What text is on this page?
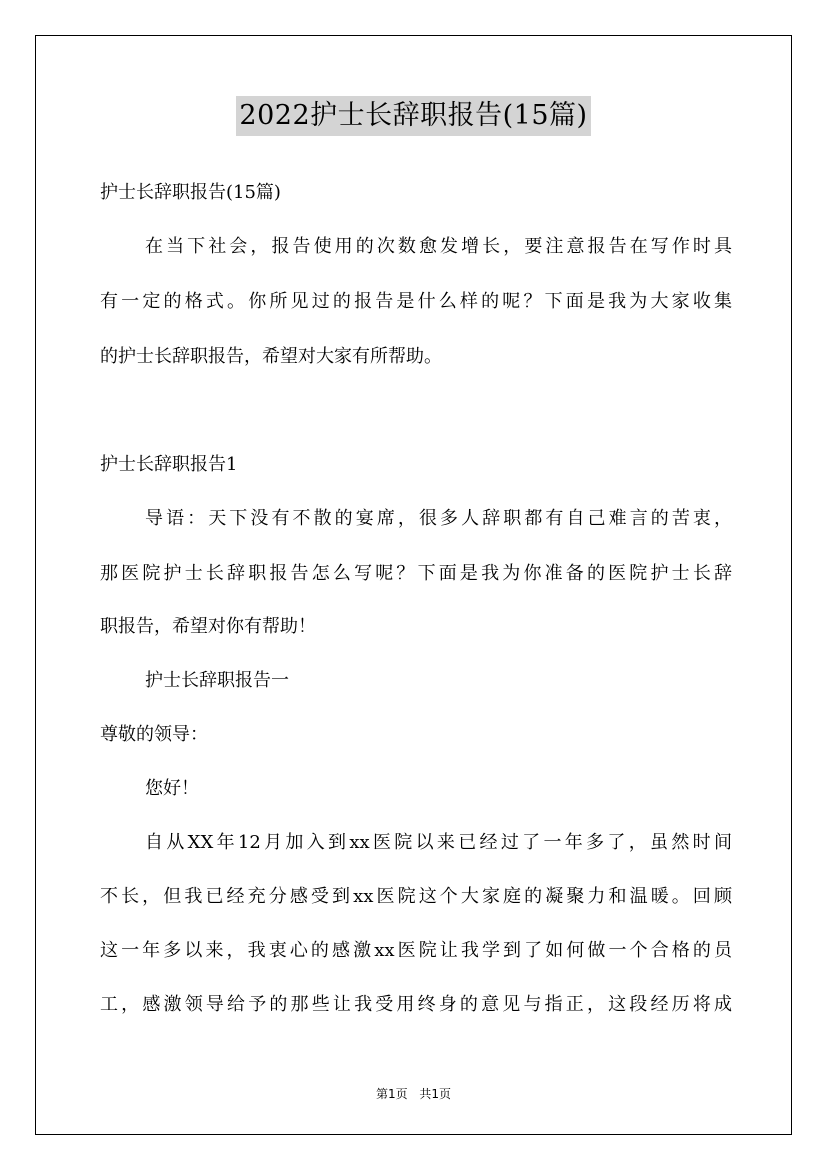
2022护士长辞职报告(15篇)
护士长辞职报告(15篇)
在当下社会，报告使用的次数愈发增长，要注意报告在写作时具
有一定的格式。你所见过的报告是什么样的呢？下面是我为大家收集
的护士长辞职报告，希望对大家有所帮助。
护士长辞职报告1
导语：天下没有不散的宴席，很多人辞职都有自己难言的苦衷，
那医院护士长辞职报告怎么写呢？下面是我为你准备的医院护士长辞
职报告，希望对你有帮助！
护士长辞职报告一
尊敬的领导：
您好！
自从XX年12月加入到xx医院以来已经过了一年多了，虽然时间
不长，但我已经充分感受到xx医院这个大家庭的凝聚力和温暖。回顾
这一年多以来，我衷心的感激xx医院让我学到了如何做一个合格的员
工，感激领导给予的那些让我受用终身的意见与指正，这段经历将成
第1页 共1页
